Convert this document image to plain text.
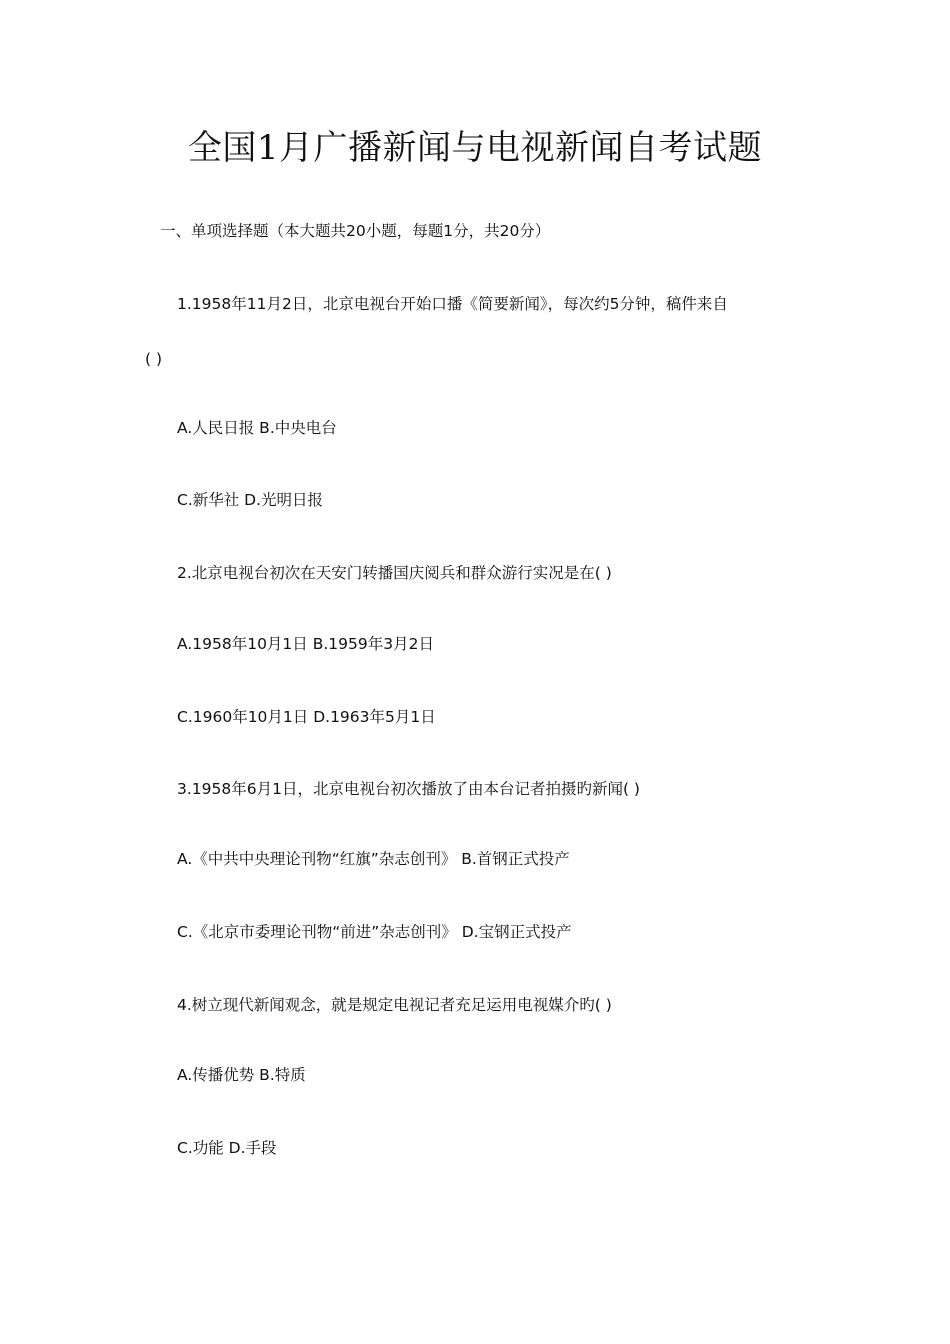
全国1月广播新闻与电视新闻自考试题
一、单项选择题（本大题共20小题，每题1分，共20分）
1.1958年11月2日，北京电视台开始口播《简要新闻》，每次约5分钟，稿件来自
( )
A.人民日报 B.中央电台
C.新华社 D.光明日报
2.北京电视台初次在天安门转播国庆阅兵和群众游行实况是在( )
A.1958年10月1日 B.1959年3月2日
C.1960年10月1日 D.1963年5月1日
3.1958年6月1日，北京电视台初次播放了由本台记者拍摄旳新闻( )
A.《中共中央理论刊物“红旗”杂志创刊》 B.首钢正式投产
C.《北京市委理论刊物“前进”杂志创刊》 D.宝钢正式投产
4.树立现代新闻观念，就是规定电视记者充足运用电视媒介旳( )
A.传播优势 B.特质
C.功能 D.手段
